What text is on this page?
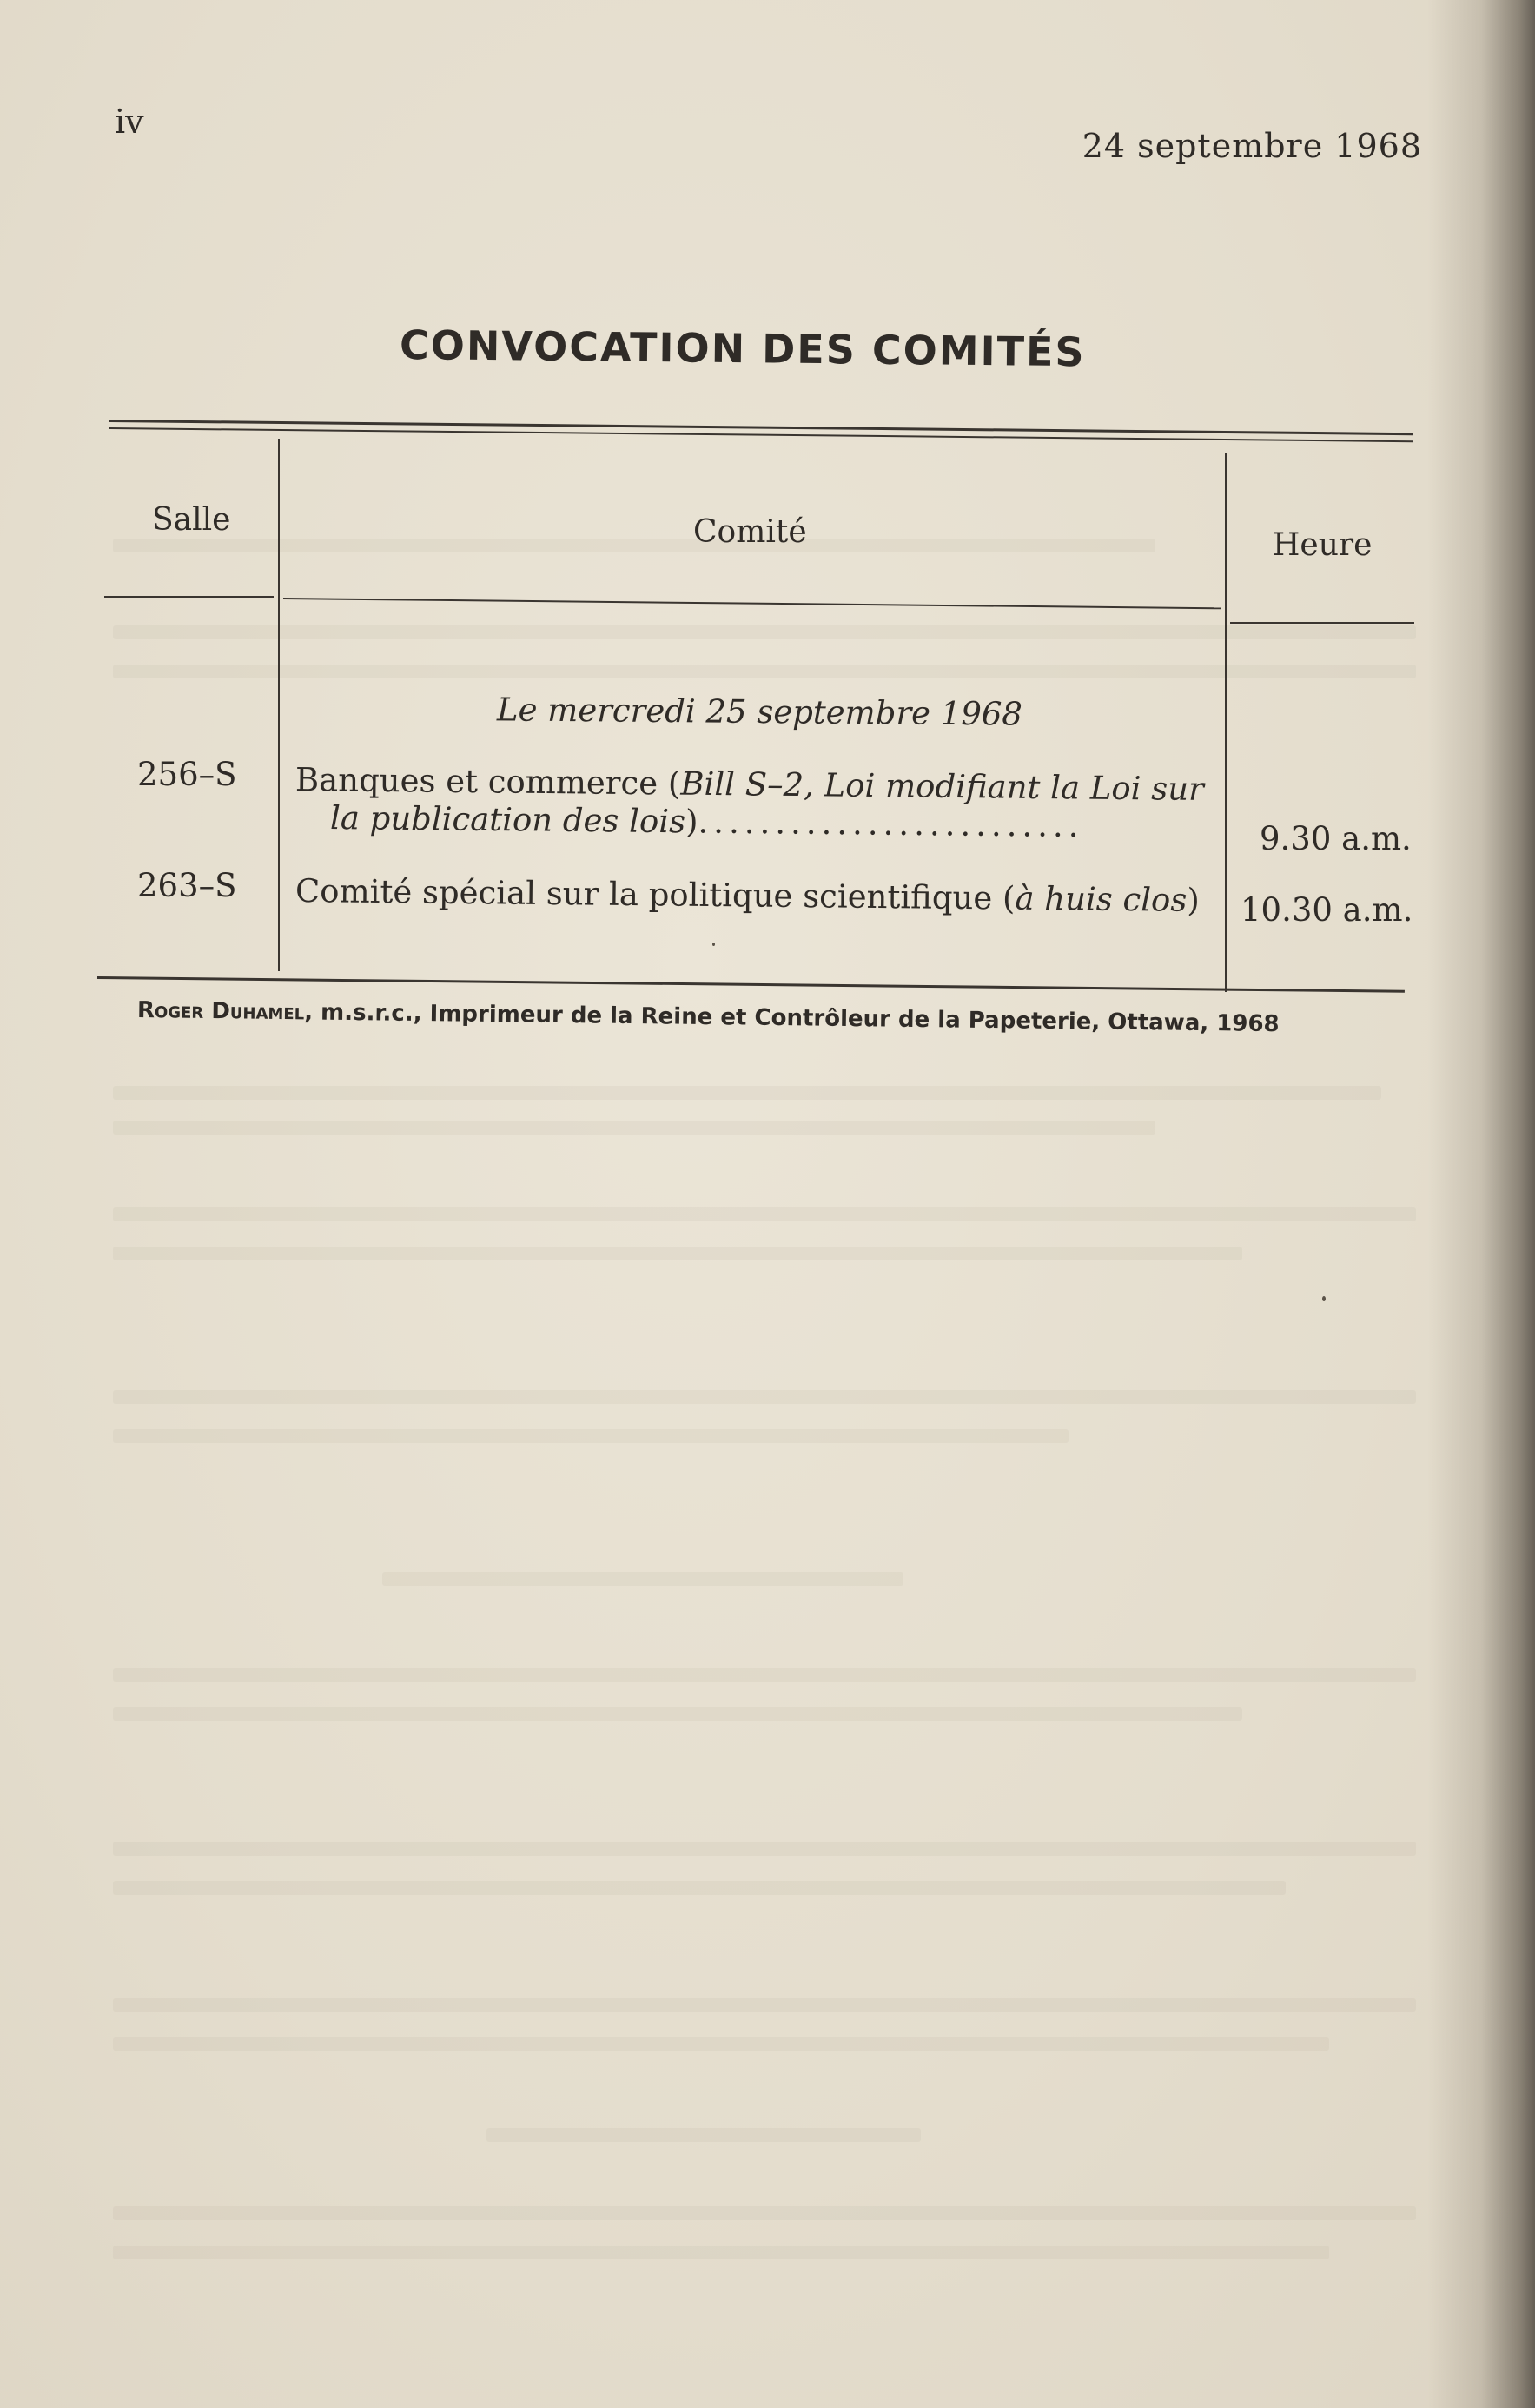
iv
24 septembre 1968
CONVOCATION DES COMITÉS
Salle	Comité	Heure
Le mercredi 25 septembre 1968
256–S Banques et commerce (Bill S–2, Loi modifiant la Loi sur
la publication des lois).........................	9.30 a.m.
263–S Comité spécial sur la politique scientifique (à huis clos) 10.30 a.m.
Roger Duhamel, m.s.r.c., Imprimeur de la Reine et Contrôleur de la Papeterie, Ottawa, 1968
